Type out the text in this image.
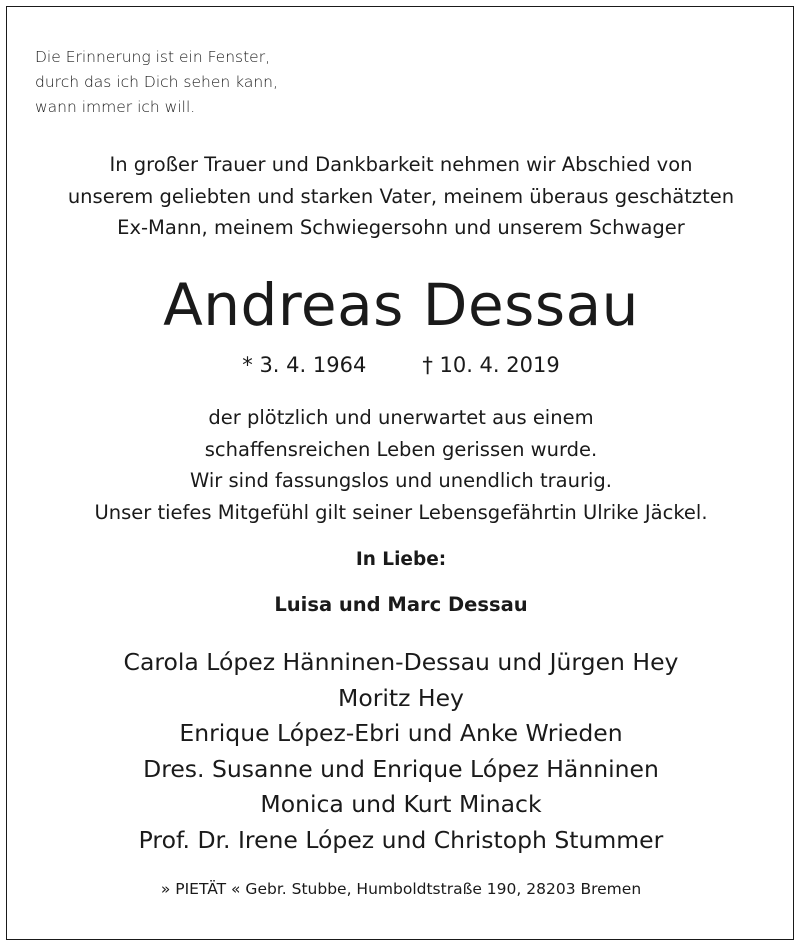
Die Erinnerung ist ein Fenster,
durch das ich Dich sehen kann,
wann immer ich will.
In großer Trauer und Dankbarkeit nehmen wir Abschied von
unserem geliebten und starken Vater, meinem überaus geschätzten
Ex-Mann, meinem Schwiegersohn und unserem Schwager
Andreas Dessau
* 3. 4. 1964	† 10. 4. 2019
der plötzlich und unerwartet aus einem
schaffensreichen Leben gerissen wurde.
Wir sind fassungslos und unendlich traurig.
Unser tiefes Mitgefühl gilt seiner Lebensgefährtin Ulrike Jäckel.
In Liebe:
Luisa und Marc Dessau
Carola López Hänninen-Dessau und Jürgen Hey
Moritz Hey
Enrique López-Ebri und Anke Wrieden
Dres. Susanne und Enrique López Hänninen
Monica und Kurt Minack
Prof. Dr. Irene López und Christoph Stummer
» PIETÄT « Gebr. Stubbe, Humboldtstraße 190, 28203 Bremen
